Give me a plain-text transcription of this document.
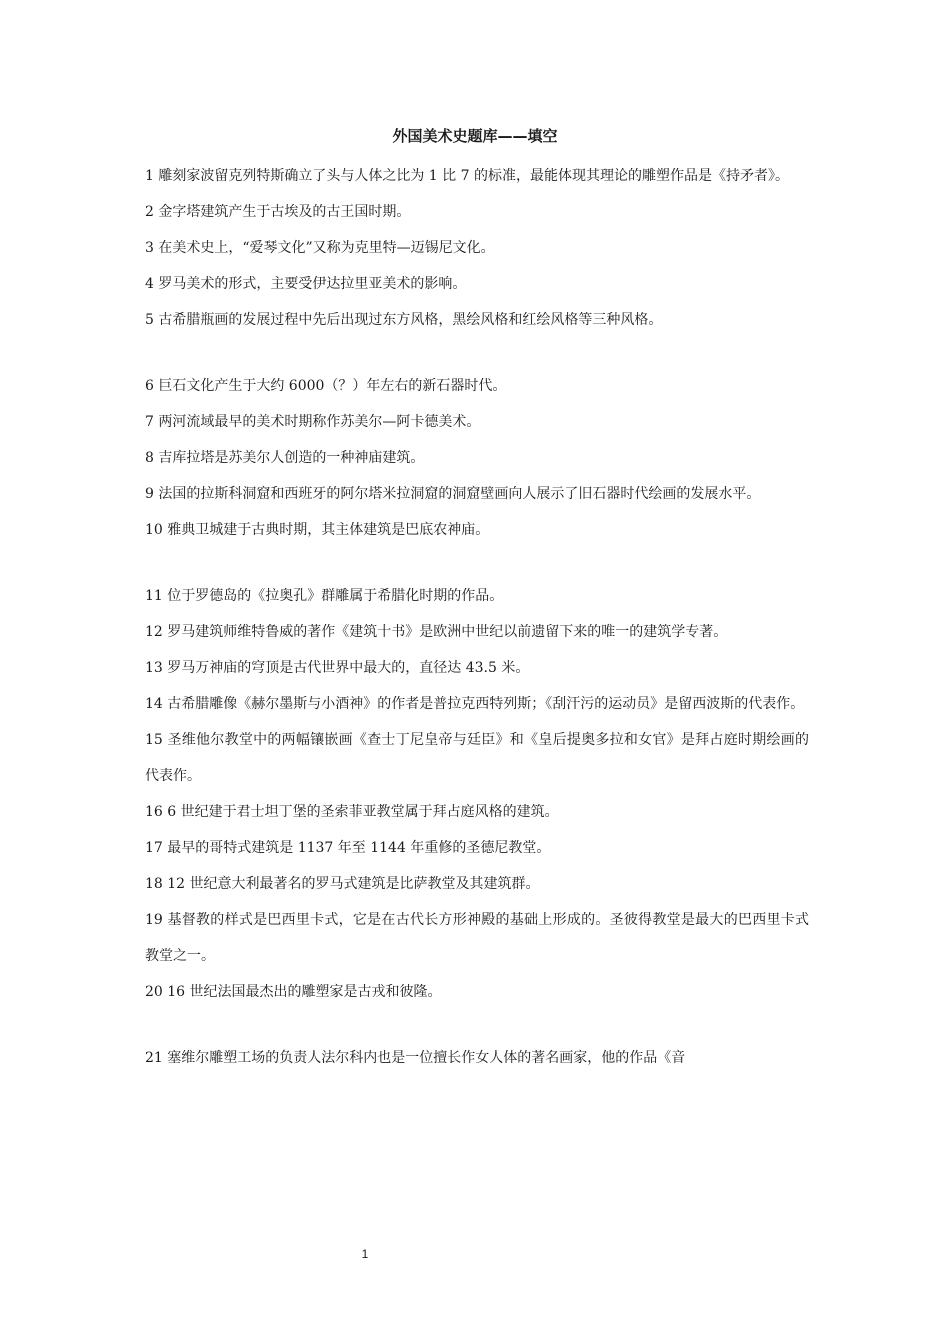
外国美术史题库——填空

1 雕刻家波留克列特斯确立了头与人体之比为 1 比 7 的标准，最能体现其理论的雕塑作品是《持矛者》。

2 金字塔建筑产生于古埃及的古王国时期。

3 在美术史上，“爱琴文化”又称为克里特—迈锡尼文化。

4 罗马美术的形式，主要受伊达拉里亚美术的影响。

5 古希腊瓶画的发展过程中先后出现过东方风格，黑绘风格和红绘风格等三种风格。

6 巨石文化产生于大约 6000（？）年左右的新石器时代。

7 两河流域最早的美术时期称作苏美尔—阿卡德美术。

8 吉库拉塔是苏美尔人创造的一种神庙建筑。

9 法国的拉斯科洞窟和西班牙的阿尔塔米拉洞窟的洞窟壁画向人展示了旧石器时代绘画的发展水平。

10 雅典卫城建于古典时期，其主体建筑是巴底农神庙。

11 位于罗德岛的《拉奥孔》群雕属于希腊化时期的作品。

12 罗马建筑师维特鲁威的著作《建筑十书》是欧洲中世纪以前遗留下来的唯一的建筑学专著。

13 罗马万神庙的穹顶是古代世界中最大的，直径达 43.5 米。

14 古希腊雕像《赫尔墨斯与小酒神》的作者是普拉克西特列斯；《刮汗污的运动员》是留西波斯的代表作。

15 圣维他尔教堂中的两幅镶嵌画《查士丁尼皇帝与廷臣》和《皇后提奥多拉和女官》是拜占庭时期绘画的代表作。

16 6 世纪建于君士坦丁堡的圣索菲亚教堂属于拜占庭风格的建筑。

17 最早的哥特式建筑是 1137 年至 1144 年重修的圣德尼教堂。

18 12 世纪意大利最著名的罗马式建筑是比萨教堂及其建筑群。

19 基督教的样式是巴西里卡式，它是在古代长方形神殿的基础上形成的。圣彼得教堂是最大的巴西里卡式教堂之一。

20 16 世纪法国最杰出的雕塑家是古戎和彼隆。

21 塞维尔雕塑工场的负责人法尔科内也是一位擅长作女人体的著名画家，他的作品《音

1
